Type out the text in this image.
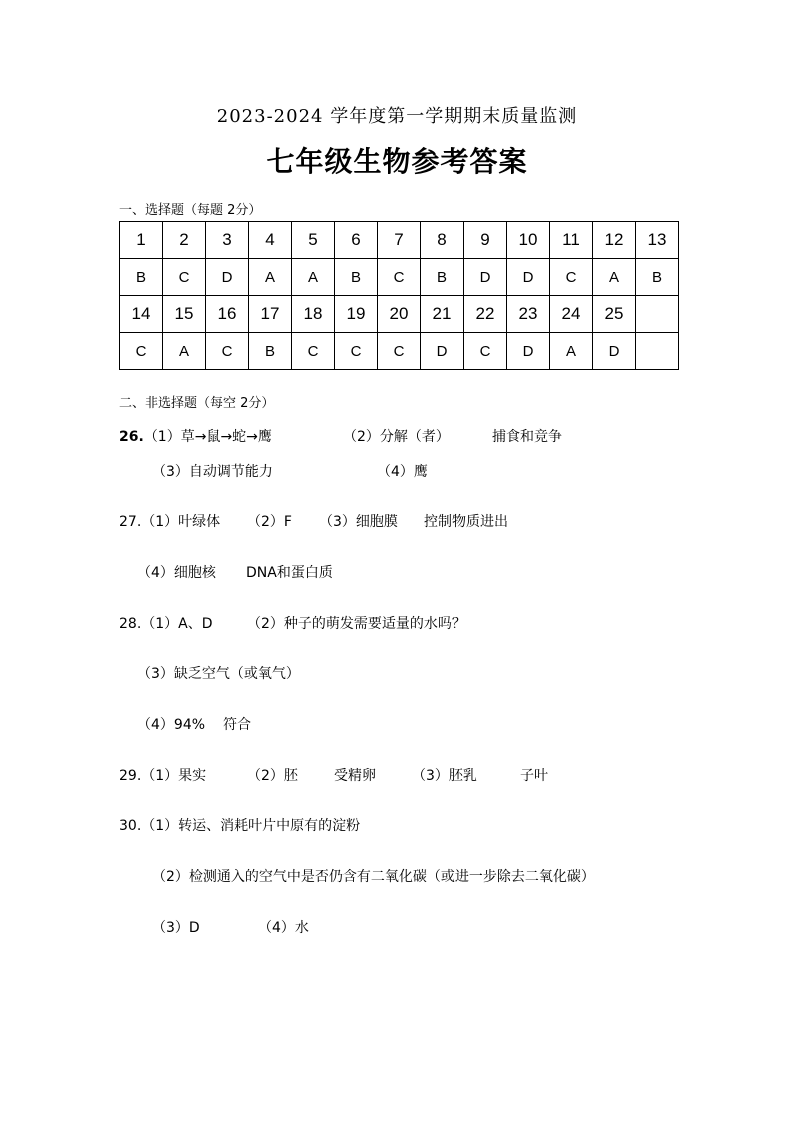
2023-2024 学年度第一学期期末质量监测
七年级生物参考答案
一、选择题（每题 2分）
1	2	3	4	5	6	7	8	9	10	11	12	13
B	C	D	A	A	B	C	B	D	D	C	A	B
14	15	16	17	18	19	20	21	22	23	24	25	
C	A	C	B	C	C	C	D	C	D	A	D	
二、非选择题（每空 2分）
26.（1）草→鼠→蛇→鹰	（2）分解（者）	捕食和竞争
（3）自动调节能力	（4）鹰
27.（1）叶绿体 （2）F （3）细胞膜 控制物质进出
（4）细胞核 DNA和蛋白质
28.（1）A、D （2）种子的萌发需要适量的水吗？
（3）缺乏空气（或氧气）
（4）94% 符合
29.（1）果实	（2）胚	受精卵	（3）胚乳	子叶
30.（1）转运、消耗叶片中原有的淀粉
（2）检测通入的空气中是否仍含有二氧化碳（或进一步除去二氧化碳）
（3）D	（4）水
